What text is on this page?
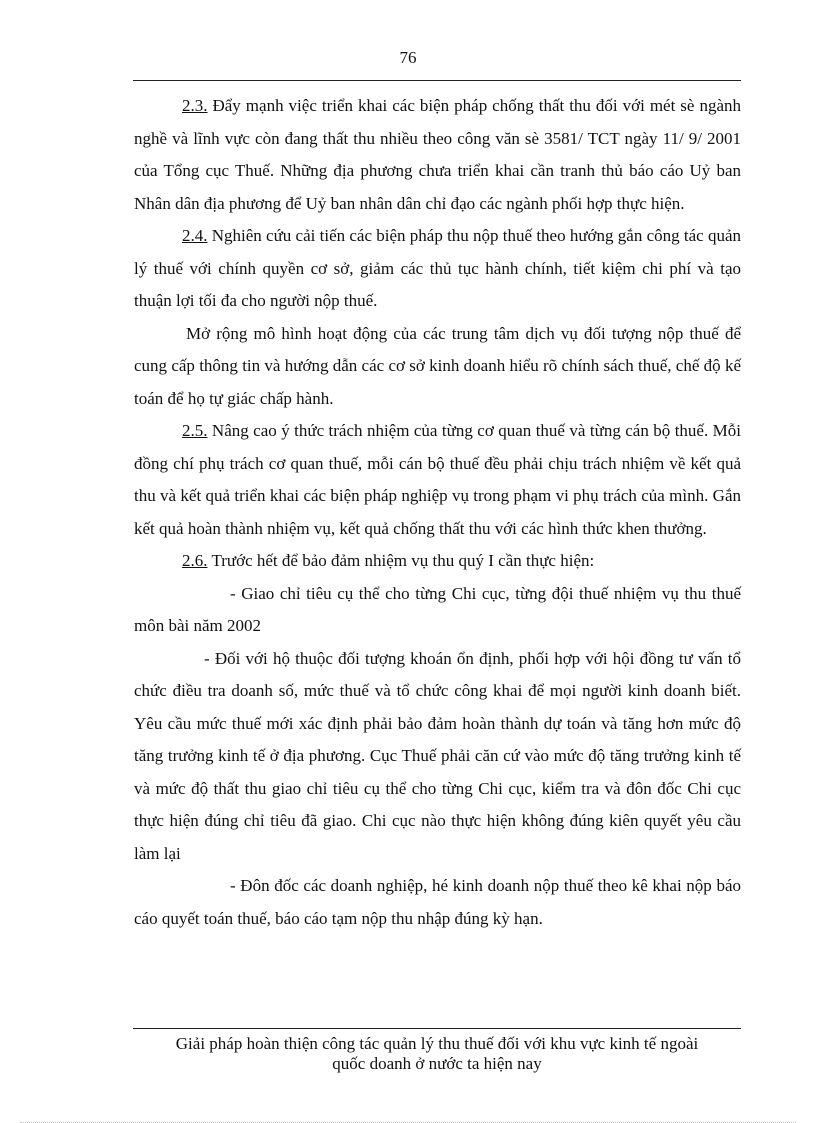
76

2.3. Đẩy mạnh việc triển khai các biện pháp chống thất thu đối với mét sè ngành nghề và lĩnh vực còn đang thất thu nhiều theo công văn sè 3581/ TCT ngày 11/ 9/ 2001 của Tổng cục Thuế. Những địa phương chưa triển khai cần tranh thủ báo cáo Uỷ ban Nhân dân địa phương để Uỷ ban nhân dân chỉ đạo các ngành phối hợp thực hiện.

2.4. Nghiên cứu cải tiến các biện pháp thu nộp thuế theo hướng gắn công tác quản lý thuế với chính quyền cơ sở, giảm các thủ tục hành chính, tiết kiệm chi phí và tạo thuận lợi tối đa cho người nộp thuế.

Mở rộng mô hình hoạt động của các trung tâm dịch vụ đối tượng nộp thuế để cung cấp thông tin và hướng dẫn các cơ sở kinh doanh hiểu rõ chính sách thuế, chế độ kế toán để họ tự giác chấp hành.

2.5. Nâng cao ý thức trách nhiệm của từng cơ quan thuế và từng cán bộ thuế. Mỗi đồng chí phụ trách cơ quan thuế, mỗi cán bộ thuế đều phải chịu trách nhiệm về kết quả thu và kết quả triển khai các biện pháp nghiệp vụ trong phạm vi phụ trách của mình. Gắn kết quả hoàn thành nhiệm vụ, kết quả chống thất thu với các hình thức khen thưởng.

2.6. Trước hết để bảo đảm nhiệm vụ thu quý I cần thực hiện:

- Giao chỉ tiêu cụ thể cho từng Chi cục, từng đội thuế nhiệm vụ thu thuế môn bài năm 2002

- Đối với hộ thuộc đối tượng khoán ổn định, phối hợp với hội đồng tư vấn tổ chức điều tra doanh số, mức thuế và tổ chức công khai để mọi người kinh doanh biết. Yêu cầu mức thuế mới xác định phải bảo đảm hoàn thành dự toán và tăng hơn mức độ tăng trưởng kinh tế ở địa phương. Cục Thuế phải căn cứ vào mức độ tăng trưởng kinh tế và mức độ thất thu giao chỉ tiêu cụ thể cho từng Chi cục, kiểm tra và đôn đốc Chi cục thực hiện đúng chỉ tiêu đã giao. Chi cục nào thực hiện không đúng kiên quyết yêu cầu làm lại

- Đôn đốc các doanh nghiệp, hé kinh doanh nộp thuế theo kê khai nộp báo cáo quyết toán thuế, báo cáo tạm nộp thu nhập đúng kỳ hạn.

Giải pháp hoàn thiện công tác quản lý thu thuế đối với khu vực kinh tế ngoài
quốc doanh ở nước ta hiện nay
